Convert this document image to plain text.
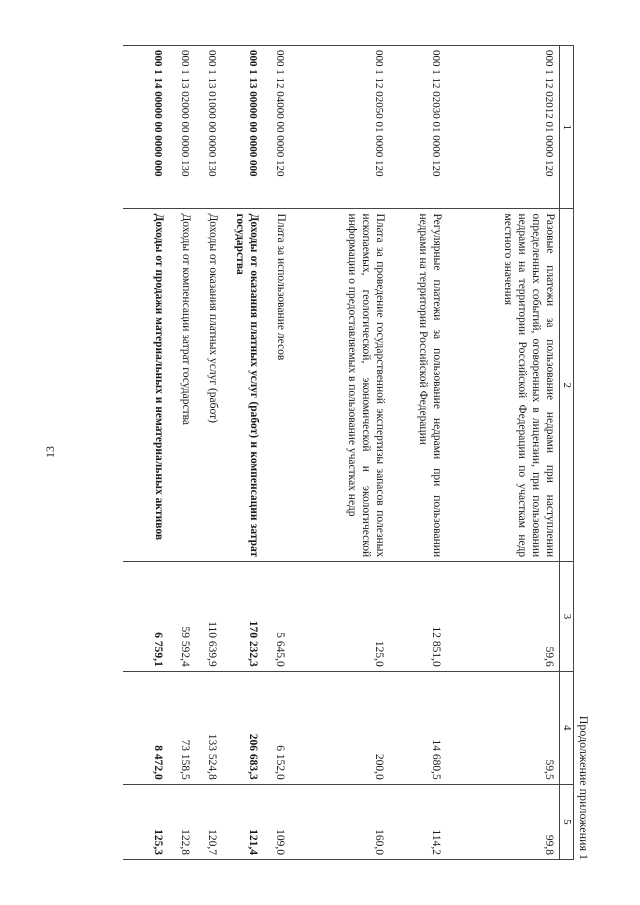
13
Продолжение приложения 1
1	2	3	4	5
000 1 12 02012 01 0000 120	Разовые платежи за пользование недрами при наступлении определенных событий, оговоренных в лицензии, при пользовании недрами на территории Российской Федерации по участкам недр местного значения	59,6	59,5	99,8
000 1 12 02030 01 0000 120	Регулярные платежи за пользование недрами при пользовании недрами на территории Российской Федерации	12 851,0	14 680,5	114,2
000 1 12 02050 01 0000 120	Плата за проведение государственной экспертизы запасов полезных ископаемых, геологической, экономической и экологической информации о предоставляемых в пользование участках недр	125,0	200,0	160,0
000 1 12 04000 00 0000 120	Плата за использование лесов	5 645,0	6 152,0	109,0
000 1 13 00000 00 0000 000	Доходы от оказания платных услуг (работ) и компенсации затрат государства	170 232,3	206 683,3	121,4
000 1 13 01000 00 0000 130	Доходы от оказания платных услуг (работ)	110 639,9	133 524,8	120,7
000 1 13 02000 00 0000 130	Доходы от компенсации затрат государства	59 592,4	73 158,5	122,8
000 1 14 00000 00 0000 000	Доходы от продажи материальных и нематериальных активов	6 759,1	8 472,0	125,3
